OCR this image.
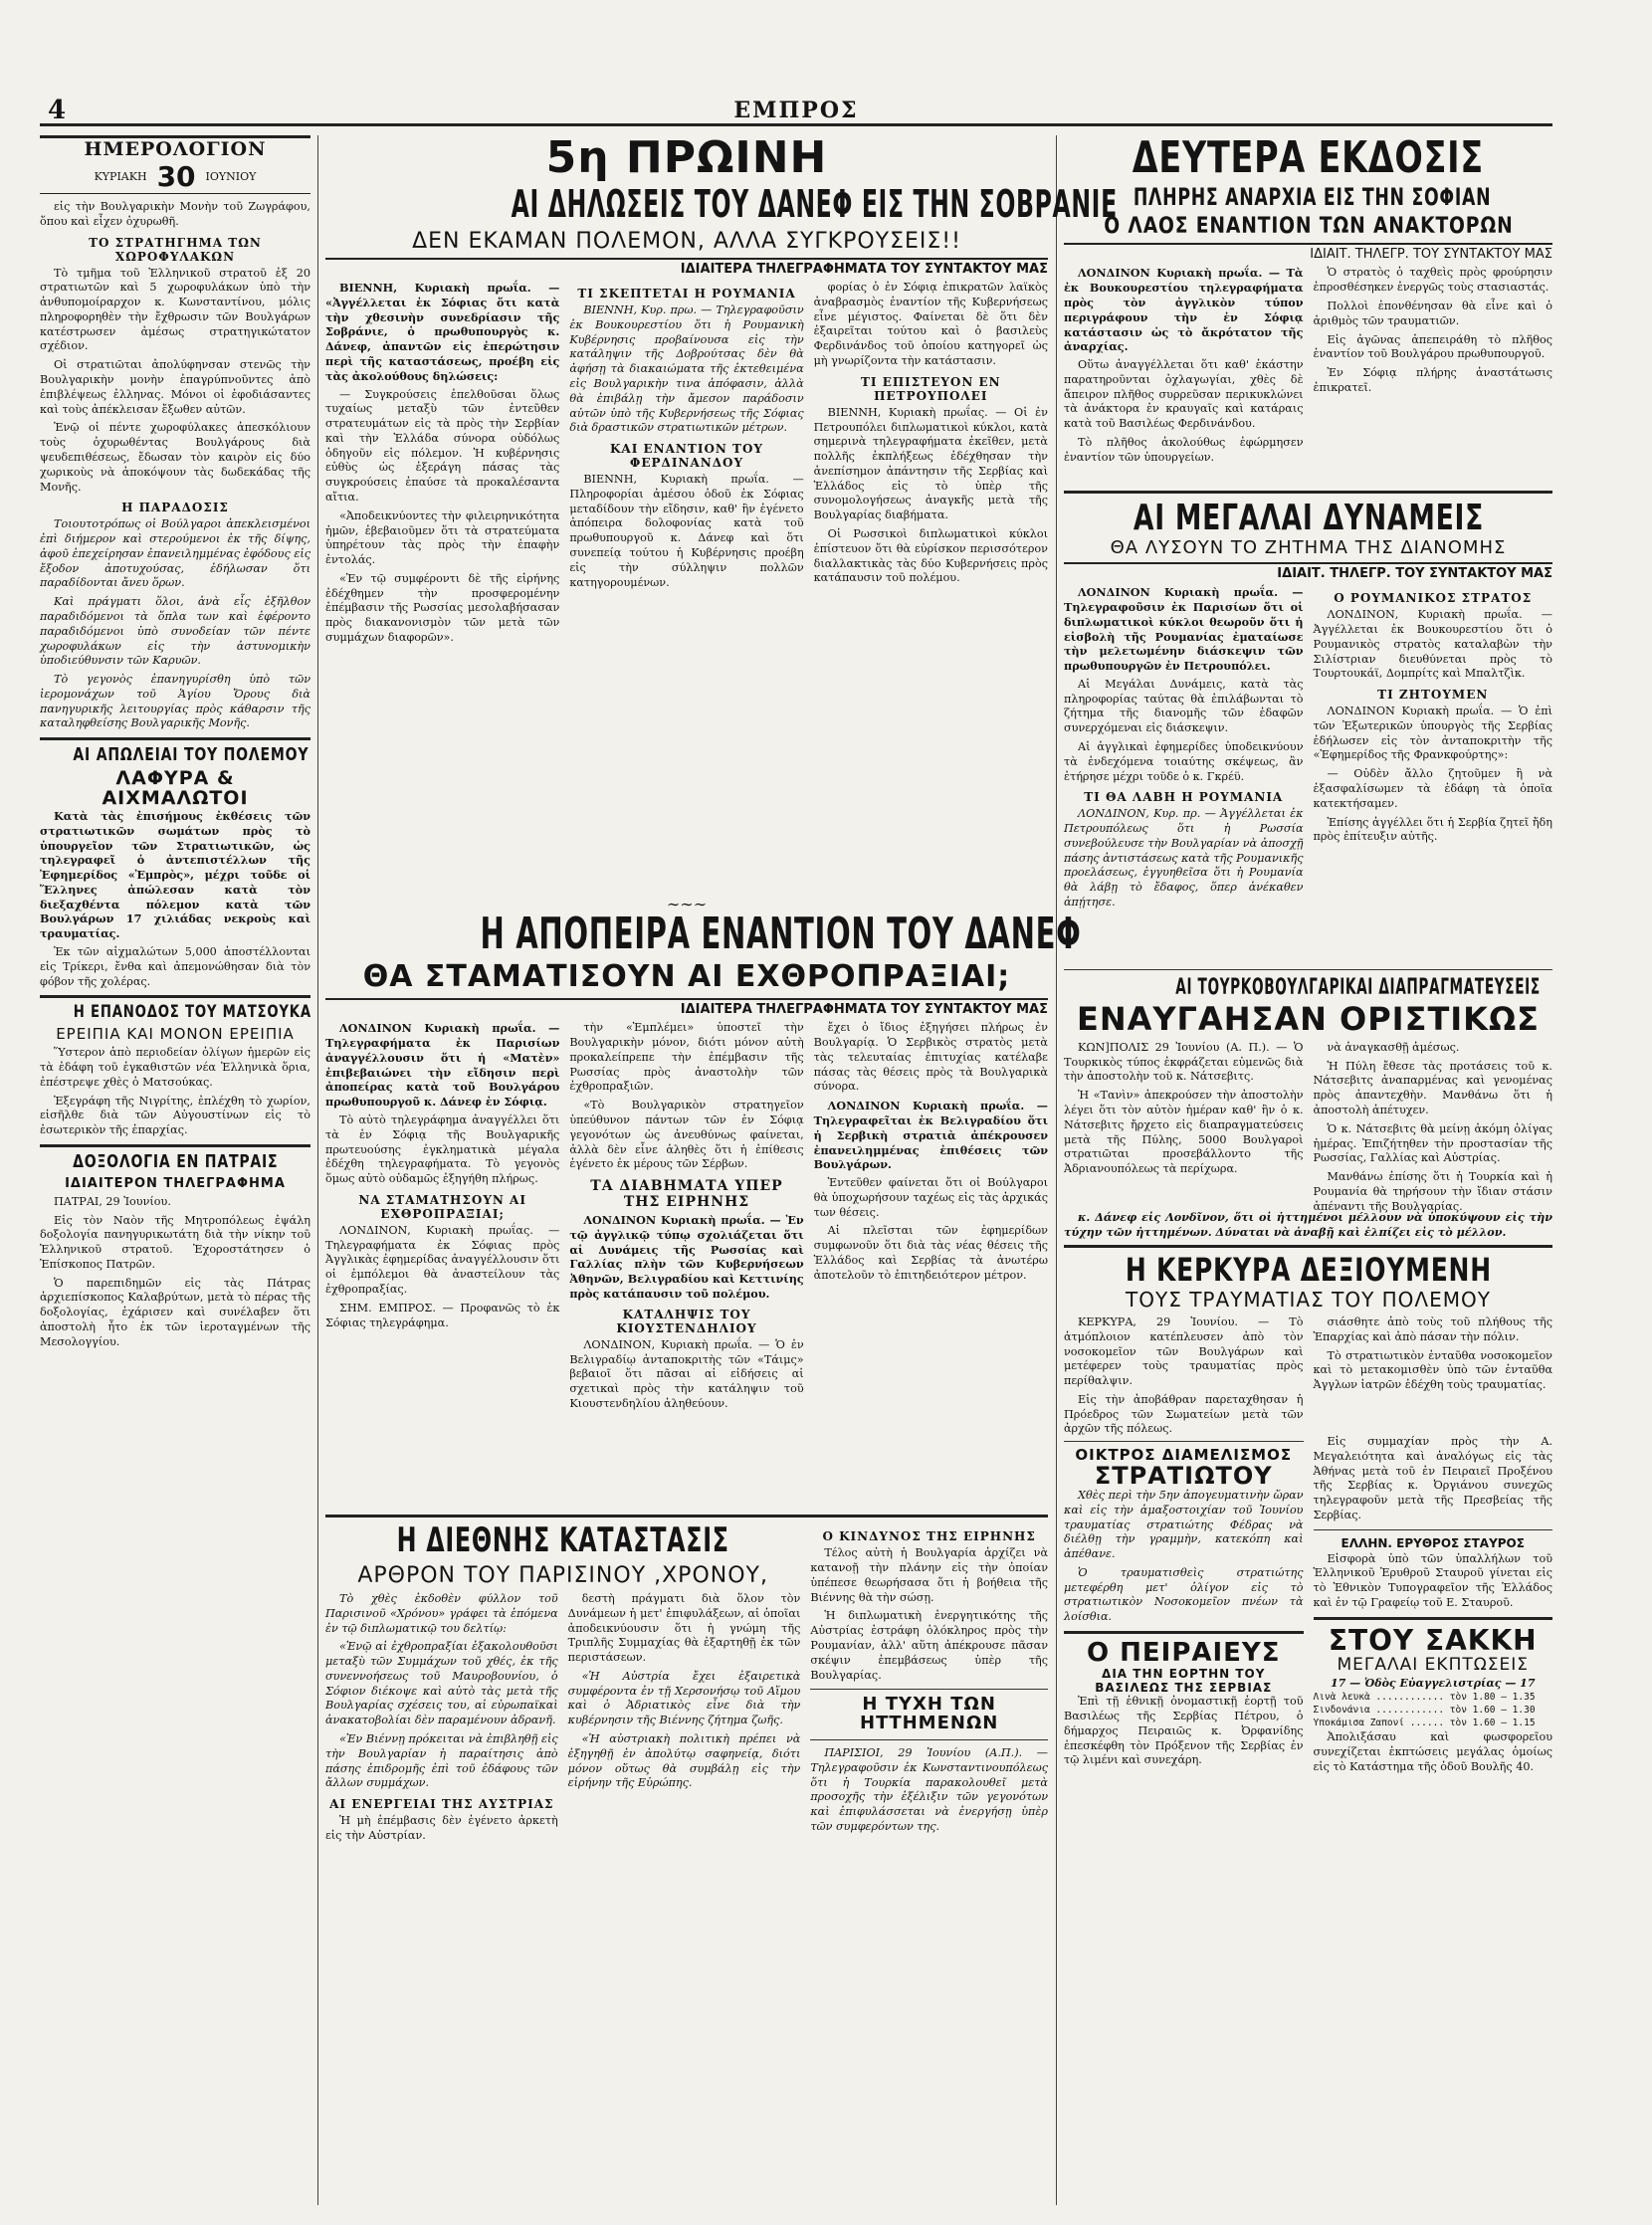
4	ΕΜΠΡΟΣ
ΗΜΕΡΟΛΟΓΙΟΝ
ΚΥΡΙΑΚΗ 30 ΙΟΥΝΙΟΥ

εἰς τὴν Βουλγαρικὴν Μονὴν τοῦ Ζωγράφου, ὅπου καὶ εἶχεν ὀχυρωθῆ.

ΤΟ ΣΤΡΑΤΗΓΗΜΑ ΤΩΝ ΧΩΡΟΦΥΛΑΚΩΝ

Τὸ τμῆμα τοῦ Ἑλληνικοῦ στρατοῦ ἐξ 20 στρατιωτῶν καὶ 5 χωροφυλάκων ὑπὸ τὴν ἀνθυπομοίραρχον κ. Κωνσταντίνου, μόλις πληροφορηθὲν τὴν ἔχθρωσιν τῶν Βουλγάρων κατέστρωσεν ἀμέσως στρατηγικώτατον σχέδιον.

Οἱ στρατιῶται ἀπολύφηνσαν στενῶς τὴν Βουλγαρικὴν μονὴν ἐπαγρύπνοῦντες ἀπὸ ἐπιβλέψεως ἐλληνας. Μόνοι οἱ ἐφοδιάσαντες καὶ τοὺς ἀπέκλεισαν ἔξωθεν αὐτῶν.

Ἐνῷ οἱ πέντε χωροφύλακες ἀπεσκόλιουν τοὺς ὀχυρωθέντας Βουλγάρους διὰ ψευδεπιθέσεως, ἔδωσαν τὸν καιρὸν εἰς δύο χωρικοὺς νὰ ἀποκόψουν τὰς δωδεκάδας τῆς Μονῆς.

Η ΠΑΡΑΔΟΣΙΣ

Τοιουτοτρόπως οἱ Βούλγαροι ἀπεκλεισμένοι ἐπὶ διήμερον καὶ στερούμενοι ἐκ τῆς δίψης, ἀφοῦ ἐπεχείρησαν ἐπανειλημμένας ἐφόδους εἰς ἔξοδον ἀποτυχούσας, ἐδήλωσαν ὅτι παραδίδονται ἄνευ ὅρων.

Καὶ πράγματι ὅλοι, ἀνὰ εἷς ἐξῆλθον παραδιδόμενοι τὰ ὅπλα των καὶ ἐφέροντο παραδιδόμενοι ὑπὸ συνοδείαν τῶν πέντε χωροφυλάκων εἰς τὴν ἀστυνομικὴν ὑποδιεύθυνσιν τῶν Καρυῶν.

Τὸ γεγονὸς ἐπανηγυρίσθη ὑπὸ τῶν ἱερομονάχων τοῦ Ἁγίου Ὄρους διὰ πανηγυρικῆς λειτουργίας πρὸς κάθαρσιν τῆς καταληφθείσης Βουλγαρικῆς Μονῆς.

ΑΙ ΑΠΩΛΕΙΑΙ ΤΟΥ ΠΟΛΕΜΟΥ
ΛΑΦΥΡΑ & ΑΙΧΜΑΛΩΤΟΙ

Κατὰ τὰς ἐπισήμους ἐκθέσεις τῶν στρατιωτικῶν σωμάτων πρὸς τὸ ὑπουργεῖον τῶν Στρατιωτικῶν, ὡς τηλεγραφεῖ ὁ ἀντεπιστέλλων τῆς Ἐφημερίδος «Ἐμπρὸς», μέχρι τοῦδε οἱ Ἕλληνες ἀπώλεσαν κατὰ τὸν διεξαχθέντα πόλεμον κατὰ τῶν Βουλγάρων 17 χιλιάδας νεκροὺς καὶ τραυματίας.

Ἐκ τῶν αἰχμαλώτων 5,000 ἀποστέλλονται εἰς Τρίκερι, ἔνθα καὶ ἀπεμονώθησαν διὰ τὸν φόβον τῆς χολέρας.

Η ΕΠΑΝΟΔΟΣ ΤΟΥ ΜΑΤΣΟΥΚΑ
ΕΡΕΙΠΙΑ ΚΑΙ ΜΟΝΟΝ ΕΡΕΙΠΙΑ

Ὕστερον ἀπὸ περιοδείαν ὀλίγων ἡμερῶν εἰς τὰ ἐδάφη τοῦ ἐγκαθιστῶν νέα Ἑλληνικὰ ὅρια, ἐπέστρεψε χθὲς ὁ Ματσούκας.

Ἐξεγράφη τῆς Νιγρίτης, ἐπλέχθη τὸ χωρίον, εἰσῆλθε διὰ τῶν Αὐγουστίνων εἰς τὸ ἐσωτερικὸν τῆς ἐπαρχίας.

ΔΟΞΟΛΟΓΙΑ ΕΝ ΠΑΤΡΑΙΣ
ΙΔΙΑΙΤΕΡΟΝ ΤΗΛΕΓΡΑΦΗΜΑ

ΠΑΤΡΑΙ, 29 Ἰουνίου.

Εἰς τὸν Ναὸν τῆς Μητροπόλεως ἐψάλη δοξολογία πανηγυρικωτάτη διὰ τὴν νίκην τοῦ Ἑλληνικοῦ στρατοῦ. Ἐχοροστάτησεν ὁ Ἐπίσκοπος Πατρῶν.

Ὁ παρεπιδημῶν εἰς τὰς Πάτρας ἀρχιεπίσκοπος Καλαβρύτων, μετὰ τὸ πέρας τῆς δοξολογίας, ἐχάρισεν καὶ συνέλαβεν ὅτι ἀποστολὴ ἦτο ἐκ τῶν ἱεροταγμένων τῆς Μεσολογγίου.

5η ΠΡΩΙΝΗ
ΑΙ ΔΗΛΩΣΕΙΣ ΤΟΥ ΔΑΝΕΦ ΕΙΣ ΤΗΝ ΣΟΒΡΑΝΙΕ
ΔΕΝ ΕΚΑΜΑΝ ΠΟΛΕΜΟΝ, ΑΛΛΑ ΣΥΓΚΡΟΥΣΕΙΣ!!
ΙΔΙΑΙΤΕΡΑ ΤΗΛΕΓΡΑΦΗΜΑΤΑ ΤΟΥ ΣΥΝΤΑΚΤΟΥ ΜΑΣ

ΒΙΕΝΝΗ, Κυριακὴ πρωΐα. — «Ἀγγέλλεται ἐκ Σόφιας ὅτι κατὰ τὴν χθεσινὴν συνεδρίασιν τῆς Σοβράνιε, ὁ πρωθυπουργὸς κ. Δάνεφ, ἀπαντῶν εἰς ἐπερώτησιν περὶ τῆς καταστάσεως, προέβη εἰς τὰς ἀκολούθους δηλώσεις:

— Συγκρούσεις ἐπελθοῦσαι ὅλως τυχαίως μεταξὺ τῶν ἐντεῦθεν στρατευμάτων εἰς τὰ πρὸς τὴν Σερβίαν καὶ τὴν Ἑλλάδα σύνορα οὐδόλως ὁδηγοῦν εἰς πόλεμον. Ἡ κυβέρνησις εὐθὺς ὡς ἐξεράγη πάσας τὰς συγκρούσεις ἐπαύσε τὰ προκαλέσαντα αἴτια.

«Ἀποδεικνύοντες τὴν φιλειρηνικότητα ἡμῶν, ἐβεβαιοῦμεν ὅτι τὰ στρατεύματα ὑπηρέτουν τὰς πρὸς τὴν ἐπαφὴν ἐντολάς.

«Ἐν τῷ συμφέροντι δὲ τῆς εἰρήνης ἐδέχθημεν τὴν προσφερομένην ἐπέμβασιν τῆς Ρωσσίας μεσολαβήσασαν πρὸς διακανονισμὸν τῶν μετὰ τῶν συμμάχων διαφορῶν».

ΤΙ ΣΚΕΠΤΕΤΑΙ Η ΡΟΥΜΑΝΙΑ

ΒΙΕΝΝΗ, Κυρ. πρω. — Τηλεγραφοῦσιν ἐκ Βουκουρεστίου ὅτι ἡ Ρουμανικὴ Κυβέρνησις προβαίνουσα εἰς τὴν κατάληψιν τῆς Δοβρούτσας δὲν θὰ ἀφήσῃ τὰ διακαιώματα τῆς ἐκτεθειμένα εἰς Βουλγαρικὴν τινα ἀπόφασιν, ἀλλὰ θὰ ἐπιβάλῃ τὴν ἄμεσον παράδοσιν αὐτῶν ὑπὸ τῆς Κυβερνήσεως τῆς Σόφιας διὰ δραστικῶν στρατιωτικῶν μέτρων.

ΚΑΙ ΕΝΑΝΤΙΟΝ ΤΟΥ ΦΕΡΔΙΝΑΝΔΟΥ

ΒΙΕΝΝΗ, Κυριακὴ πρωΐα. — Πληροφορίαι ἀμέσου ὁδοῦ ἐκ Σόφιας μεταδίδουν τὴν εἴδησιν, καθ' ἣν ἐγένετο ἀπόπειρα δολοφονίας κατὰ τοῦ πρωθυπουργοῦ κ. Δάνεφ καὶ ὅτι συνεπείᾳ τούτου ἡ Κυβέρνησις προέβη εἰς τὴν σύλληψιν πολλῶν κατηγορουμένων.

φορίας ὁ ἐν Σόφιᾳ ἐπικρατῶν λαϊκὸς ἀναβρασμὸς ἐναντίον τῆς Κυβερνήσεως εἶνε μέγιστος. Φαίνεται δὲ ὅτι δὲν ἐξαιρεῖται τούτου καὶ ὁ βασιλεὺς Φερδινάνδος τοῦ ὁποίου κατηγορεῖ ὡς μὴ γνωρίζοντα τὴν κατάστασιν.

ΤΙ ΕΠΙΣΤΕΥΟΝ ΕΝ ΠΕΤΡΟΥΠΟΛΕΙ

ΒΙΕΝΝΗ, Κυριακὴ πρωΐας. — Οἱ ἐν Πετρουπόλει διπλωματικοὶ κύκλοι, κατὰ σημερινὰ τηλεγραφήματα ἐκεῖθεν, μετὰ πολλῆς ἐκπλήξεως ἐδέχθησαν τὴν ἀνεπίσημον ἀπάντησιν τῆς Σερβίας καὶ Ἑλλάδος εἰς τὸ ὑπὲρ τῆς συνομολογήσεως ἀναγκῆς μετὰ τῆς Βουλγαρίας διαβήματα.

Οἱ Ρωσσικοὶ διπλωματικοὶ κύκλοι ἐπίστευον ὅτι θὰ εὑρίσκον περισσότερον διαλλακτικὰς τὰς δύο Κυβερνήσεις πρὸς κατάπαυσιν τοῦ πολέμου.

∼∼∼
Η ΑΠΟΠΕΙΡΑ ΕΝΑΝΤΙΟΝ ΤΟΥ ΔΑΝΕΦ
ΘΑ ΣΤΑΜΑΤΙΣΟΥΝ ΑΙ ΕΧΘΡΟΠΡΑΞΙΑΙ;
ΙΔΙΑΙΤΕΡΑ ΤΗΛΕΓΡΑΦΗΜΑΤΑ ΤΟΥ ΣΥΝΤΑΚΤΟΥ ΜΑΣ

ΛΟΝΔΙΝΟΝ Κυριακὴ πρωΐα. — Τηλεγραφήματα ἐκ Παρισίων ἀναγγέλλουσιν ὅτι ἡ «Ματὲν» ἐπιβεβαιώνει τὴν εἴδησιν περὶ ἀποπείρας κατὰ τοῦ Βουλγάρου πρωθυπουργοῦ κ. Δάνεφ ἐν Σόφιᾳ.

Τὸ αὐτὸ τηλεγράφημα ἀναγγέλλει ὅτι τὰ ἐν Σόφιᾳ τῆς Βουλγαρικῆς πρωτευούσης ἐγκληματικὰ μέγαλα ἐδέχθη τηλεγραφήματα. Τὸ γεγονὸς ὅμως αὐτὸ οὐδαμῶς ἐξηγήθη πλήρως.

ΝΑ ΣΤΑΜΑΤΗΣΟΥΝ ΑΙ ΕΧΘΡΟΠΡΑΞΙΑΙ;

ΛΟΝΔΙΝΟΝ, Κυριακὴ πρωΐας. — Τηλεγραφήματα ἐκ Σόφιας πρὸς Ἀγγλικὰς ἐφημερίδας ἀναγγέλλουσιν ὅτι οἱ ἐμπόλεμοι θὰ ἀναστείλουν τὰς ἐχθροπραξίας.

ΣΗΜ. ΕΜΠΡΟΣ. — Προφανῶς τὸ ἐκ Σόφιας τηλεγράφημα.

τὴν «Ἐμπλέμει» ὑποστεῖ τὴν Βουλγαρικὴν μόνον, διότι μόνον αὐτὴ προκαλείπρεπε τὴν ἐπέμβασιν τῆς Ρωσσίας πρὸς ἀναστολὴν τῶν ἐχθροπραξιῶν.

«Τὸ Βουλγαρικὸν στρατηγεῖον ὑπεύθυνον πάντων τῶν ἐν Σόφιᾳ γεγονότων ὡς ἀνευθύνως φαίνεται, ἀλλὰ δὲν εἶνε ἀληθὲς ὅτι ἡ ἐπίθεσις ἐγένετο ἐκ μέρους τῶν Σέρβων.

ΤΑ ΔΙΑΒΗΜΑΤΑ ΥΠΕΡ ΤΗΣ ΕΙΡΗΝΗΣ

ΛΟΝΔΙΝΟΝ Κυριακὴ πρωΐα. — Ἐν τῷ ἀγγλικῷ τύπῳ σχολιάζεται ὅτι αἱ Δυνάμεις τῆς Ρωσσίας καὶ Γαλλίας πλὴν τῶν Κυβερνήσεων Ἀθηνῶν, Βελιγραδίου καὶ Κεττινίης πρὸς κατάπαυσιν τοῦ πολέμου.

ΚΑΤΑΛΗΨΙΣ ΤΟΥ ΚΙΟΥΣΤΕΝΔΗΛΙΟΥ

ΛΟΝΔΙΝΟΝ, Κυριακὴ πρωΐα. — Ὁ ἐν Βελιγραδίῳ ἀνταποκριτὴς τῶν «Τάιμς» βεβαιοῖ ὅτι πᾶσαι αἱ εἰδήσεις αἱ σχετικαὶ πρὸς τὴν κατάληψιν τοῦ Κιουστενδηλίου ἀληθεύουν.

ἔχει ὁ ἴδιος ἐξηγήσει πλήρως ἐν Βουλγαρίᾳ. Ὁ Σερβικὸς στρατὸς μετὰ τὰς τελευταίας ἐπιτυχίας κατέλαβε πάσας τὰς θέσεις πρὸς τὰ Βουλγαρικὰ σύνορα.

ΛΟΝΔΙΝΟΝ Κυριακὴ πρωΐα. — Τηλεγραφεῖται ἐκ Βελιγραδίου ὅτι ἡ Σερβικὴ στρατιὰ ἀπέκρουσεν ἐπανειλημμένας ἐπιθέσεις τῶν Βουλγάρων.

Ἐντεῦθεν φαίνεται ὅτι οἱ Βούλγαροι θὰ ὑποχωρήσουν ταχέως εἰς τὰς ἀρχικάς των θέσεις.

Αἱ πλεῖσται τῶν ἐφημερίδων συμφωνοῦν ὅτι διὰ τὰς νέας θέσεις τῆς Ἑλλάδος καὶ Σερβίας τὰ ἀνωτέρω ἀποτελοῦν τὸ ἐπιτηδειότερον μέτρον.

Η ΔΙΕΘΝΗΣ ΚΑΤΑΣΤΑΣΙΣ
ΑΡΘΡΟΝ ΤΟΥ ΠΑΡΙΣΙΝΟΥ ,ΧΡΟΝΟΥ,

Τὸ χθὲς ἐκδοθὲν φύλλον τοῦ Παρισινοῦ «Χρόνου» γράφει τὰ ἑπόμενα ἐν τῷ διπλωματικῷ του δελτίῳ:

«Ἐνῷ αἱ ἐχθροπραξίαι ἐξακολουθοῦσι μεταξὺ τῶν Συμμάχων τοῦ χθές, ἐκ τῆς συνεννοήσεως τοῦ Μαυροβουνίου, ὁ Σόφιον διέκοψε καὶ αὐτὸ τὰς μετὰ τῆς Βουλγαρίας σχέσεις του, αἱ εὐρωπαϊκαὶ ἀνακατοβολίαι δὲν παραμένουν ἀδρανῆ.

«Ἐν Βιέννῃ πρόκειται νὰ ἐπιβληθῇ εἰς τὴν Βουλγαρίαν ἡ παραίτησις ἀπὸ πάσης ἐπιδρομῆς ἐπὶ τοῦ ἐδάφους τῶν ἄλλων συμμάχων.

ΑΙ ΕΝΕΡΓΕΙΑΙ ΤΗΣ ΑΥΣΤΡΙΑΣ

Ἡ μὴ ἐπέμβασις δὲν ἐγένετο ἀρκετὴ εἰς τὴν Αὐστρίαν.

δεστὴ πράγματι διὰ ὅλον τὸν Δυνάμεων ἡ μετ' ἐπιφυλάξεων, αἱ ὁποῖαι ἀποδεικνύουσιν ὅτι ἡ γνώμη τῆς Τριπλῆς Συμμαχίας θὰ ἐξαρτηθῇ ἐκ τῶν περιστάσεων.

«Ἡ Αὐστρία ἔχει ἐξαιρετικὰ συμφέροντα ἐν τῇ Χερσονήσῳ τοῦ Αἵμου καὶ ὁ Ἀδριατικὸς εἶνε διὰ τὴν κυβέρνησιν τῆς Βιέννης ζήτημα ζωῆς.

«Ἡ αὐστριακὴ πολιτικὴ πρέπει νὰ ἐξηγηθῇ ἐν ἀπολύτῳ σαφηνείᾳ, διότι μόνον οὕτως θὰ συμβάλῃ εἰς τὴν εἰρήνην τῆς Εὐρώπης.

Ο ΚΙΝΔΥΝΟΣ ΤΗΣ ΕΙΡΗΝΗΣ

Τέλος αὐτὴ ἡ Βουλγαρία ἀρχίζει νὰ κατανοῇ τὴν πλάνην εἰς τὴν ὁποίαν ὑπέπεσε θεωρήσασα ὅτι ἡ βοήθεια τῆς Βιέννης θὰ τὴν σώσῃ.

Ἡ διπλωματικὴ ἐνεργητικότης τῆς Αὐστρίας ἐστράφη ὁλόκληρος πρὸς τὴν Ρουμανίαν, ἀλλ' αὕτη ἀπέκρουσε πᾶσαν σκέψιν ἐπεμβάσεως ὑπὲρ τῆς Βουλγαρίας.

Η ΤΥΧΗ ΤΩΝ ΗΤΤΗΜΕΝΩΝ

ΠΑΡΙΣΙΟΙ, 29 Ἰουνίου (Α.Π.). — Τηλεγραφοῦσιν ἐκ Κωνσταντινουπόλεως ὅτι ἡ Τουρκία παρακολουθεῖ μετὰ προσοχῆς τὴν ἐξέλιξιν τῶν γεγονότων καὶ ἐπιφυλάσσεται νὰ ἐνεργήσῃ ὑπὲρ τῶν συμφερόντων της.

ΔΕΥΤΕΡΑ ΕΚΔΟΣΙΣ
ΠΛΗΡΗΣ ΑΝΑΡΧΙΑ ΕΙΣ ΤΗΝ ΣΟΦΙΑΝ
Ο ΛΑΟΣ ΕΝΑΝΤΙΟΝ ΤΩΝ ΑΝΑΚΤΟΡΩΝ
ΙΔΙΑΙΤ. ΤΗΛΕΓΡ. ΤΟΥ ΣΥΝΤΑΚΤΟΥ ΜΑΣ

ΛΟΝΔΙΝΟΝ Κυριακὴ πρωΐα. — Τὰ ἐκ Βουκουρεστίου τηλεγραφήματα πρὸς τὸν ἀγγλικὸν τύπον περιγράφουν τὴν ἐν Σόφιᾳ κατάστασιν ὡς τὸ ἄκρότατον τῆς ἀναρχίας.

Οὕτω ἀναγγέλλεται ὅτι καθ' ἑκάστην παρατηροῦνται ὀχλαγωγίαι, χθὲς δὲ ἄπειρον πλῆθος συρρεῦσαν περικυκλώνει τὰ ἀνάκτορα ἐν κραυγαῖς καὶ κατάραις κατὰ τοῦ Βασιλέως Φερδινάνδου.

Τὸ πλῆθος ἀκολούθως ἐφώρμησεν ἐναντίον τῶν ὑπουργείων.

Ὁ στρατὸς ὁ ταχθεὶς πρὸς φρούρησιν ἐπροσθέσηκεν ἐνεργῶς τοὺς στασιαστάς.

Πολλοὶ ἐπονθένησαν θὰ εἶνε καὶ ὁ ἀριθμὸς τῶν τραυματιῶν.

Εἰς ἀγῶνας ἀπεπειράθη τὸ πλῆθος ἐναντίον τοῦ Βουλγάρου πρωθυπουργοῦ.

Ἐν Σόφιᾳ πλήρης ἀναστάτωσις ἐπικρατεῖ.

ΑΙ ΜΕΓΑΛΑΙ ΔΥΝΑΜΕΙΣ
ΘΑ ΛΥΣΟΥΝ ΤΟ ΖΗΤΗΜΑ ΤΗΣ ΔΙΑΝΟΜΗΣ
ΙΔΙΑΙΤ. ΤΗΛΕΓΡ. ΤΟΥ ΣΥΝΤΑΚΤΟΥ ΜΑΣ

ΛΟΝΔΙΝΟΝ Κυριακὴ πρωΐα. — Τηλεγραφοῦσιν ἐκ Παρισίων ὅτι οἱ διπλωματικοὶ κύκλοι θεωροῦν ὅτι ἡ εἰσβολὴ τῆς Ρουμανίας ἐματαίωσε τὴν μελετωμένην διάσκεψιν τῶν πρωθυπουργῶν ἐν Πετρουπόλει.

Αἱ Μεγάλαι Δυνάμεις, κατὰ τὰς πληροφορίας ταύτας θὰ ἐπιλάβωνται τὸ ζήτημα τῆς διανομῆς τῶν ἐδαφῶν συνερχόμεναι εἰς διάσκεψιν.

Αἱ ἀγγλικαὶ ἐφημερίδες ὑποδεικνύουν τὰ ἐνδεχόμενα τοιαύτης σκέψεως, ἂν ἐτήρησε μέχρι τοῦδε ὁ κ. Γκρέϋ.

ΤΙ ΘΑ ΛΑΒΗ Η ΡΟΥΜΑΝΙΑ

ΛΟΝΔΙΝΟΝ, Κυρ. πρ. — Ἀγγέλλεται ἐκ Πετρουπόλεως ὅτι ἡ Ρωσσία συνεβούλευσε τὴν Βουλγαρίαν νὰ ἀποσχῇ πάσης ἀντιστάσεως κατὰ τῆς Ρουμανικῆς προελάσεως, ἐγγυηθεῖσα ὅτι ἡ Ρουμανία θὰ λάβῃ τὸ ἔδαφος, ὅπερ ἀνέκαθεν ἀπῄτησε.

Ο ΡΟΥΜΑΝΙΚΟΣ ΣΤΡΑΤΟΣ

ΛΟΝΔΙΝΟΝ, Κυριακὴ πρωΐα. — Ἀγγέλλεται ἐκ Βουκουρεστίου ὅτι ὁ Ρουμανικὸς στρατὸς καταλαβὼν τὴν Σιλίστριαν διευθύνεται πρὸς τὸ Τουρτουκάϊ, Δομπρίτς καὶ Μπαλτζὶκ.

ΤΙ ΖΗΤΟΥΜΕΝ

ΛΟΝΔΙΝΟΝ Κυριακὴ πρωΐα. — Ὁ ἐπὶ τῶν Ἐξωτερικῶν ὑπουργὸς τῆς Σερβίας ἐδήλωσεν εἰς τὸν ἀνταποκριτὴν τῆς «Ἐφημερίδος τῆς Φρανκφούρτης»:

— Οὐδὲν ἄλλο ζητοῦμεν ἢ νὰ ἐξασφαλίσωμεν τὰ ἐδάφη τὰ ὁποῖα κατεκτήσαμεν.

Ἐπίσης ἀγγέλλει ὅτι ἡ Σερβία ζητεῖ ἤδη πρὸς ἐπίτευξιν αὐτῆς.

ΑΙ ΤΟΥΡΚΟΒΟΥΛΓΑΡΙΚΑΙ ΔΙΑΠΡΑΓΜΑΤΕΥΣΕΙΣ
ΕΝΑΥΓΑΗΣΑΝ ΟΡΙΣΤΙΚΩΣ

ΚΩΝ]ΠΟΛΙΣ 29 Ἰουνίου (Α. Π.). — Ὁ Τουρκικὸς τύπος ἐκφράζεται εὐμενῶς διὰ τὴν ἀποστολὴν τοῦ κ. Νάτσεβιτς.

Ἡ «Τανὶν» ἀπεκρούσεν τὴν ἀποστολὴν λέγει ὅτι τὸν αὐτὸν ἡμέραν καθ' ἣν ὁ κ. Νάτσεβιτς ἤρχετο εἰς διαπραγματεύσεις μετὰ τῆς Πύλης, 5000 Βουλγαροὶ στρατιῶται προσεβάλλοντο τῆς Ἀδριανουπόλεως τὰ περίχωρα.

νὰ ἀναγκασθῇ ἀμέσως.

Ἡ Πύλη ἔθεσε τὰς προτάσεις τοῦ κ. Νάτσεβιτς ἀναπαρμένας καὶ γενομένας πρὸς ἀπαντεχθὴν. Μανθάνω ὅτι ἡ ἀποστολὴ ἀπέτυχεν.

Ὁ κ. Νάτσεβιτς θὰ μείνῃ ἀκόμη ὀλίγας ἡμέρας. Ἐπιζήτηθεν τὴν προστασίαν τῆς Ρωσσίας, Γαλλίας καὶ Αὐστρίας.

Μανθάνω ἐπίσης ὅτι ἡ Τουρκία καὶ ἡ Ρουμανία θὰ τηρήσουν τὴν ἴδιαν στάσιν ἀπέναντι τῆς Βουλγαρίας.

κ. Δάνεφ εἰς Λονδῖνον, ὅτι οἱ ἡττημένοι μέλλουν νὰ ὑποκύψουν εἰς τὴν τύχην τῶν ἠττημένων. Δύναται νὰ ἀναβῇ καὶ ἐλπίζει εἰς τὸ μέλλον.

Η ΚΕΡΚΥΡΑ ΔΕΞΙΟΥΜΕΝΗ
ΤΟΥΣ ΤΡΑΥΜΑΤΙΑΣ ΤΟΥ ΠΟΛΕΜΟΥ

ΚΕΡΚΥΡΑ, 29 Ἰουνίου. — Τὸ ἀτμόπλοιον κατέπλευσεν ἀπὸ τὸν νοσοκομεῖον τῶν Βουλγάρων καὶ μετέφερεν τοὺς τραυματίας πρὸς περίθαλψιν.

Εἰς τὴν ἀποβάθραν παρεταχθησαν ἡ Πρόεδρος τῶν Σωματείων μετὰ τῶν ἀρχῶν τῆς πόλεως.

σιάσθητε ἀπὸ τοὺς τοῦ πλήθους τῆς Ἐπαρχίας καὶ ἀπὸ πάσαν τὴν πόλιν.

Τὸ στρατιωτικὸν ἐνταῦθα νοσοκομεῖον καὶ τὸ μετακομισθὲν ὑπὸ τῶν ἐνταῦθα Ἀγγλων ἰατρῶν ἐδέχθη τοὺς τραυματίας.

ΟΙΚΤΡΟΣ ΔΙΑΜΕΛΙΣΜΟΣ
ΣΤΡΑΤΙΩΤΟΥ

Χθὲς περὶ τὴν 5ην ἀπογευματινὴν ὥραν καὶ εἰς τὴν ἀμαξοστοιχίαν τοῦ Ἰουνίου τραυματίας στρατιώτης Φέδρας νὰ διέλθῃ τὴν γραμμὴν, κατεκόπη καὶ ἀπέθανε.

Ὁ τραυματισθεὶς στρατιώτης μετεφέρθη μετ' ὀλίγον εἰς τὸ στρατιωτικὸν Νοσοκομεῖον πνέων τὰ λοίσθια.

Ο ΠΕΙΡΑΙΕΥΣ
ΔΙΑ ΤΗΝ ΕΟΡΤΗΝ ΤΟΥ ΒΑΣΙΛΕΩΣ ΤΗΣ ΣΕΡΒΙΑΣ

Ἐπὶ τῇ ἐθνικῇ ὀνομαστικῇ ἑορτῇ τοῦ Βασιλέως τῆς Σερβίας Πέτρου, ὁ δήμαρχος Πειραιῶς κ. Ὀρφανίδης ἐπεσκέφθη τὸν Πρόξενον τῆς Σερβίας ἐν τῷ λιμένι καὶ συνεχάρη.

Εἰς συμμαχίαν πρὸς τὴν Α. Μεγαλειότητα καὶ ἀναλόγως εἰς τὰς Ἀθήνας μετὰ τοῦ ἐν Πειραιεῖ Προξένου τῆς Σερβίας κ. Ὀργιάνου συνεχῶς τηλεγραφοῦν μετὰ τῆς Πρεσβείας τῆς Σερβίας.

ΕΛΛΗΝ. ΕΡΥΘΡΟΣ ΣΤΑΥΡΟΣ

Εἰσφορὰ ὑπὸ τῶν ὑπαλλήλων τοῦ Ἑλληνικοῦ Ἐρυθροῦ Σταυροῦ γίνεται εἰς τὸ Ἐθνικὸν Τυπογραφεῖον τῆς Ἑλλάδος καὶ ἐν τῷ Γραφείῳ τοῦ Ε. Σταυροῦ.

ΣΤΟΥ ΣΑΚΚΗ
ΜΕΓΑΛΑΙ ΕΚΠΤΩΣΕΙΣ
17 — Ὁδὸς Εὐαγγελιστρίας — 17
Λινὰ λευκὰ ............ τὸν 1.80 — 1.35
Σινδονάνια ............ τὸν 1.60 — 1.30
Υποκάμισα Ζαπονί ...... τὸν 1.60 — 1.15

Ἀπολιξάσαυ καὶ φωσφορεῖου συνεχίζεται ἐκπτώσεις μεγάλας ὁμοίως εἰς τὸ Κατάστημα τῆς ὁδοῦ Βουλῆς 40.
